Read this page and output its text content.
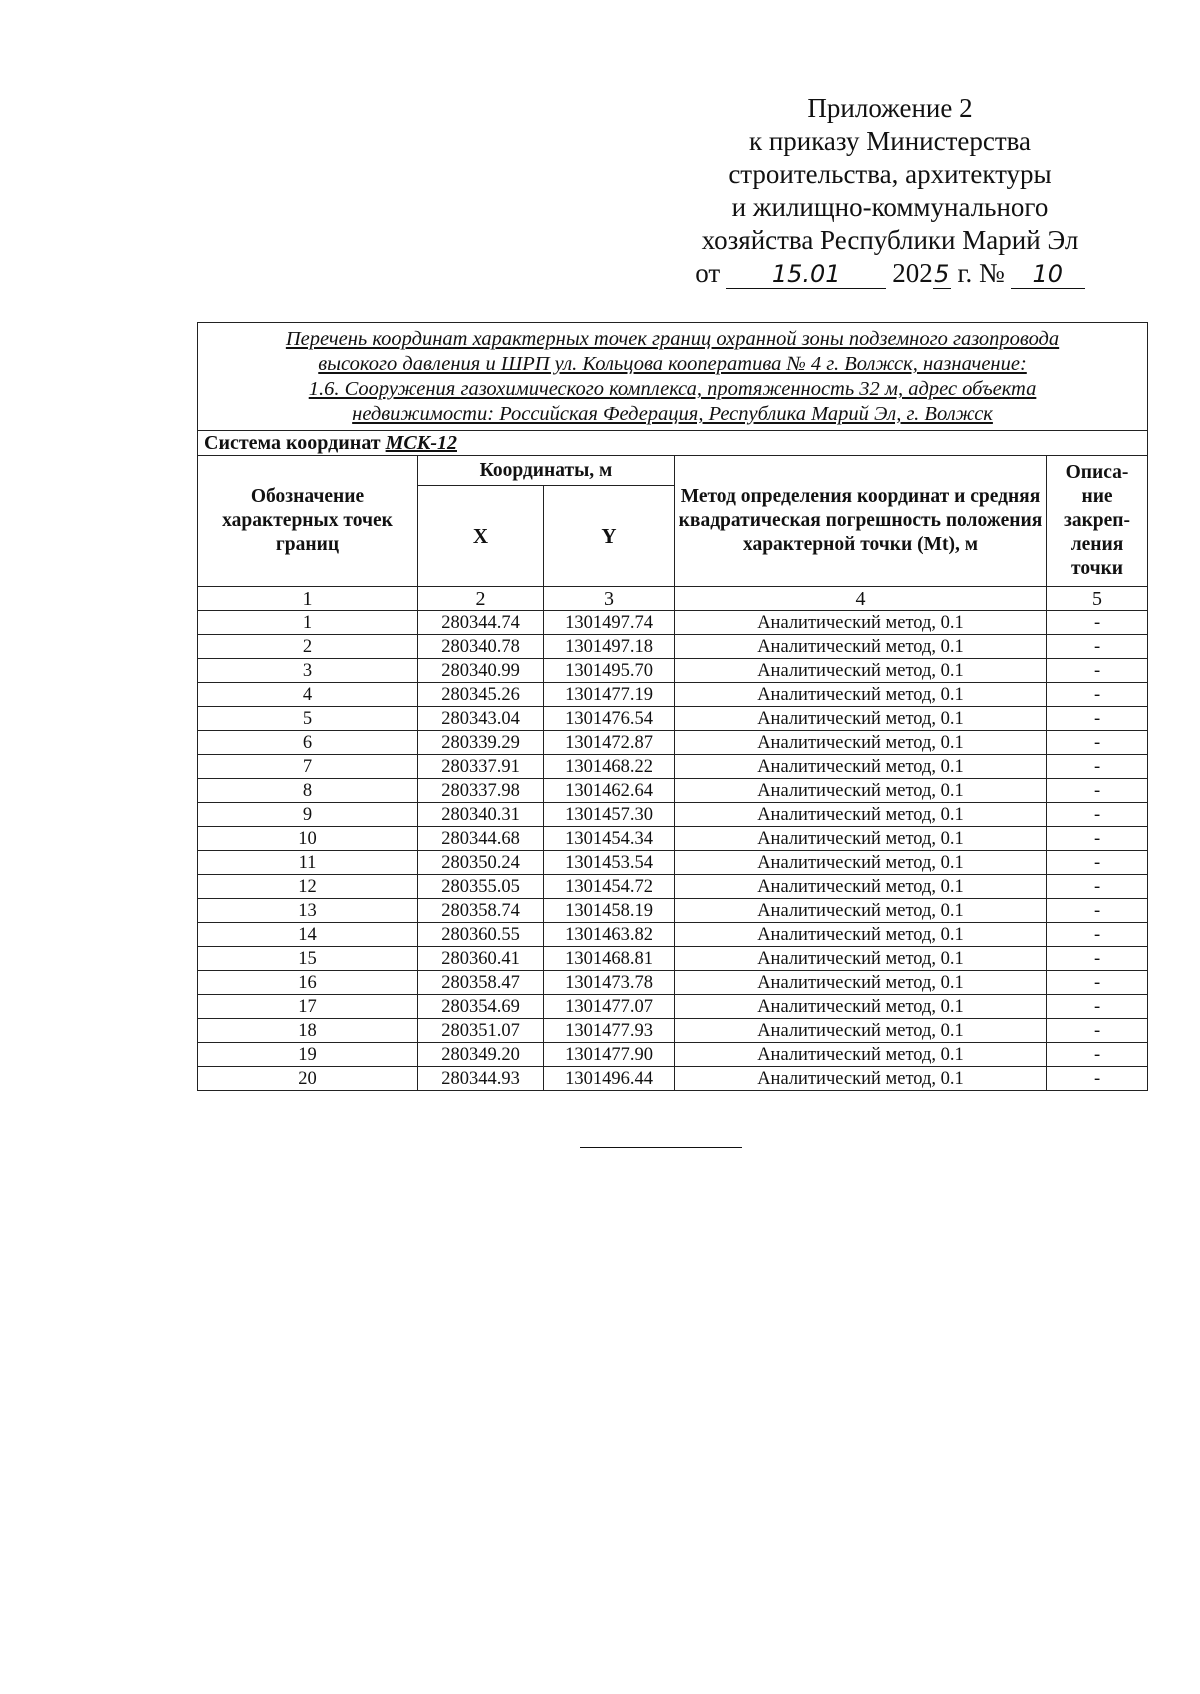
Приложение 2
к приказу Министерства
строительства, архитектуры
и жилищно-коммунального
хозяйства Республики Марий Эл
от 15.01 2025 г. № 10
Перечень координат характерных точек границ охранной зоны подземного газопровода
высокого давления и ШРП ул. Кольцова кооператива № 4 г. Волжск, назначение:
1.6. Сооружения газохимического комплекса, протяженность 32 м, адрес объекта
недвижимости: Российская Федерация, Республика Марий Эл, г. Волжск				

Система координат МСК-12				
Обозначение характерных точек границ	Координаты, м		Метод определения координат и средняя квадратическая погрешность положения характерной точки (Mt), м	Описа- ние закреп- ления точки
	X	Y		
1	2	3	4	5
1	280344.74	1301497.74	Аналитический метод, 0.1	-
2	280340.78	1301497.18	Аналитический метод, 0.1	-
3	280340.99	1301495.70	Аналитический метод, 0.1	-
4	280345.26	1301477.19	Аналитический метод, 0.1	-
5	280343.04	1301476.54	Аналитический метод, 0.1	-
6	280339.29	1301472.87	Аналитический метод, 0.1	-
7	280337.91	1301468.22	Аналитический метод, 0.1	-
8	280337.98	1301462.64	Аналитический метод, 0.1	-
9	280340.31	1301457.30	Аналитический метод, 0.1	-
10	280344.68	1301454.34	Аналитический метод, 0.1	-
11	280350.24	1301453.54	Аналитический метод, 0.1	-
12	280355.05	1301454.72	Аналитический метод, 0.1	-
13	280358.74	1301458.19	Аналитический метод, 0.1	-
14	280360.55	1301463.82	Аналитический метод, 0.1	-
15	280360.41	1301468.81	Аналитический метод, 0.1	-
16	280358.47	1301473.78	Аналитический метод, 0.1	-
17	280354.69	1301477.07	Аналитический метод, 0.1	-
18	280351.07	1301477.93	Аналитический метод, 0.1	-
19	280349.20	1301477.90	Аналитический метод, 0.1	-
20	280344.93	1301496.44	Аналитический метод, 0.1	-
